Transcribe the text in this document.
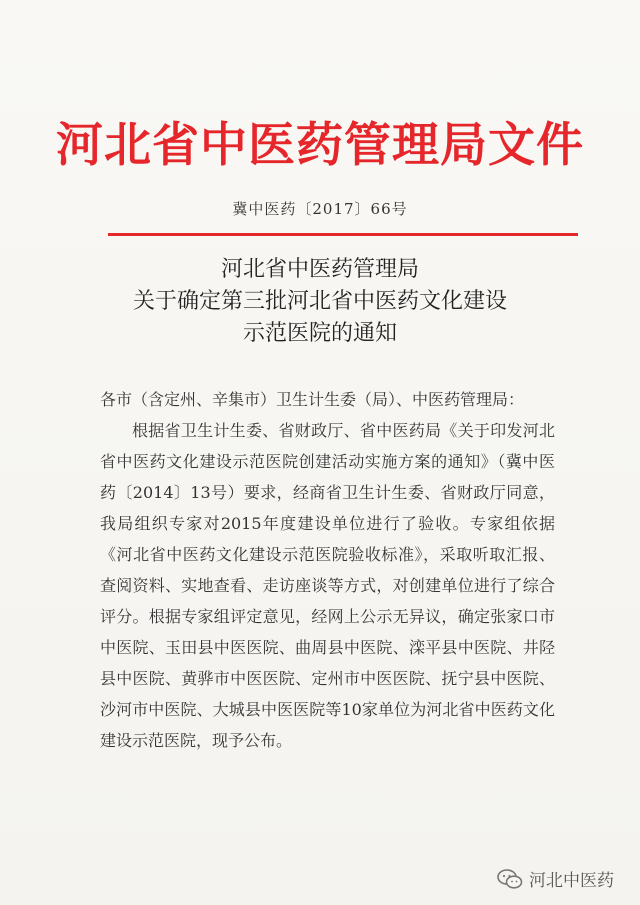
河北省中医药管理局文件
冀中医药〔2017〕66号
河北省中医药管理局
关于确定第三批河北省中医药文化建设
示范医院的通知

各市（含定州、辛集市）卫生计生委（局）、中医药管理局：

根据省卫生计生委、省财政厅、省中医药局《关于印发河北省中医药文化建设示范医院创建活动实施方案的通知》（冀中医药〔2014〕13号）要求，经商省卫生计生委、省财政厅同意，我局组织专家对2015年度建设单位进行了验收。专家组依据《河北省中医药文化建设示范医院验收标准》，采取听取汇报、查阅资料、实地查看、走访座谈等方式，对创建单位进行了综合评分。根据专家组评定意见，经网上公示无异议，确定张家口市中医院、玉田县中医医院、曲周县中医院、滦平县中医院、井陉县中医院、黄骅市中医医院、定州市中医医院、抚宁县中医院、沙河市中医院、大城县中医医院等10家单位为河北省中医药文化建设示范医院，现予公布。

河北中医药
